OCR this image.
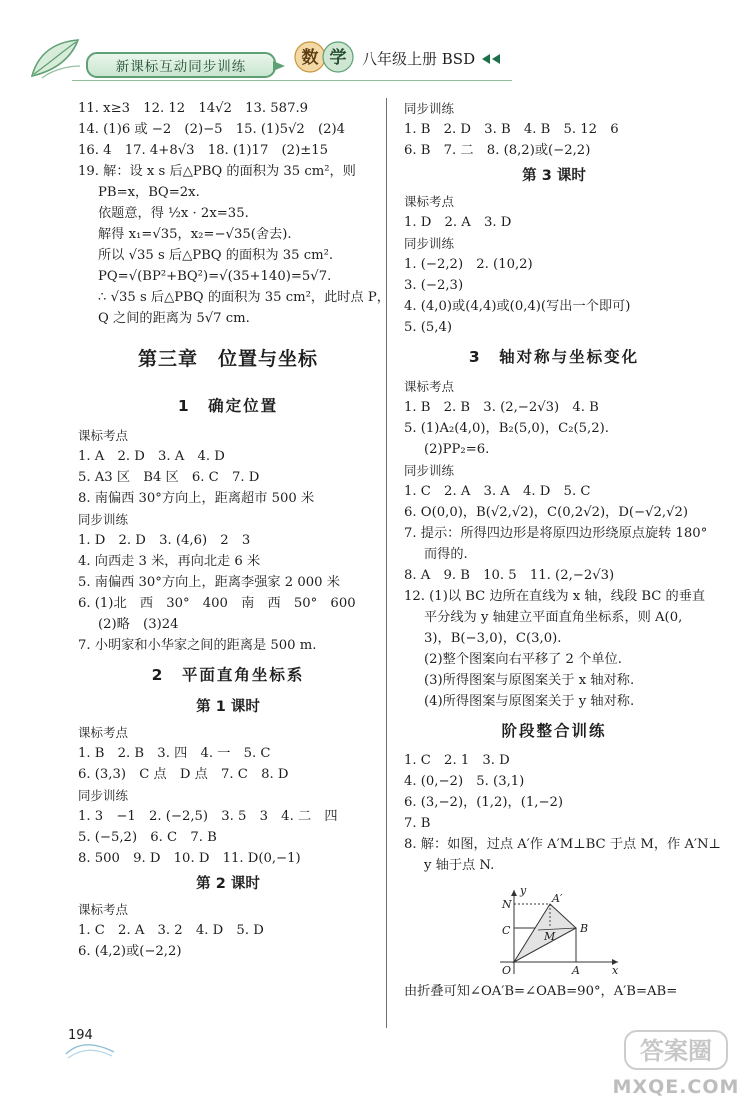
新课标互动同步训练	数 学 八年级上册 BSD
11. x≥3　12. 12　14√2　13. 587.9
14. (1)6 或 −2　(2)−5　15. (1)5√2　(2)4
16. 4　17. 4+8√3　18. (1)17　(2)±15
19. 解：设 x s 后△PBQ 的面积为 35 cm²，则
PB=x，BQ=2x.
依题意，得 ½x · 2x=35.
解得 x₁=√35，x₂=−√35(舍去).
所以 √35 s 后△PBQ 的面积为 35 cm².
PQ=√(BP²+BQ²)=√(35+140)=5√7.
∴ √35 s 后△PBQ 的面积为 35 cm²，此时点 P，
Q 之间的距离为 5√7 cm.
第三章　位置与坐标
1　确定位置
课标考点
1. A　2. D　3. A　4. D
5. A3 区　B4 区　6. C　7. D
8. 南偏西 30°方向上，距离超市 500 米
同步训练
1. D　2. D　3. (4,6)　2　3
4. 向西走 3 米，再向北走 6 米
5. 南偏西 30°方向上，距离李强家 2 000 米
6. (1)北　西　30°　400　南　西　50°　600
(2)略　(3)24
7. 小明家和小华家之间的距离是 500 m.
2　平面直角坐标系
第 1 课时
课标考点
1. B　2. B　3. 四　4. 一　5. C
6. (3,3)　C 点　D 点　7. C　8. D
同步训练
1. 3　−1　2. (−2,5)　3. 5　3　4. 二　四
5. (−5,2)　6. C　7. B
8. 500　9. D　10. D　11. D(0,−1)
第 2 课时
课标考点
1. C　2. A　3. 2　4. D　5. D
6. (4,2)或(−2,2)
同步训练
1. B　2. D　3. B　4. B　5. 12　6
6. B　7. 二　8. (8,2)或(−2,2)
第 3 课时
课标考点
1. D　2. A　3. D
同步训练
1. (−2,2)　2. (10,2)
3. (−2,3)
4. (4,0)或(4,4)或(0,4)(写出一个即可)
5. (5,4)
3　轴对称与坐标变化
课标考点
1. B　2. B　3. (2,−2√3)　4. B
5. (1)A₂(4,0)，B₂(5,0)，C₂(5,2).
(2)PP₂=6.
同步训练
1. C　2. A　3. A　4. D　5. C
6. O(0,0)，B(√2,√2)，C(0,2√2)，D(−√2,√2)
7. 提示：所得四边形是将原四边形绕原点旋转 180°
而得的.
8. A　9. B　10. 5　11. (2,−2√3)
12. (1)以 BC 边所在直线为 x 轴，线段 BC 的垂直
平分线为 y 轴建立平面直角坐标系，则 A(0,
3)，B(−3,0)，C(3,0).
(2)整个图案向右平移了 2 个单位.
(3)所得图案与原图案关于 x 轴对称.
(4)所得图案与原图案关于 y 轴对称.
阶段整合训练
1. C　2. 1　3. D
4. (0,−2)　5. (3,1)
6. (3,−2)，(1,2)，(1,−2)
7. B
8. 解：如图，过点 A′作 A′M⊥BC 于点 M，作 A′N⊥
y 轴于点 N.
y
A′
N
C	M
B
O	A	x
由折叠可知∠OA′B=∠OAB=90°，A′B=AB=
194
答案圈
MXQE.COM
